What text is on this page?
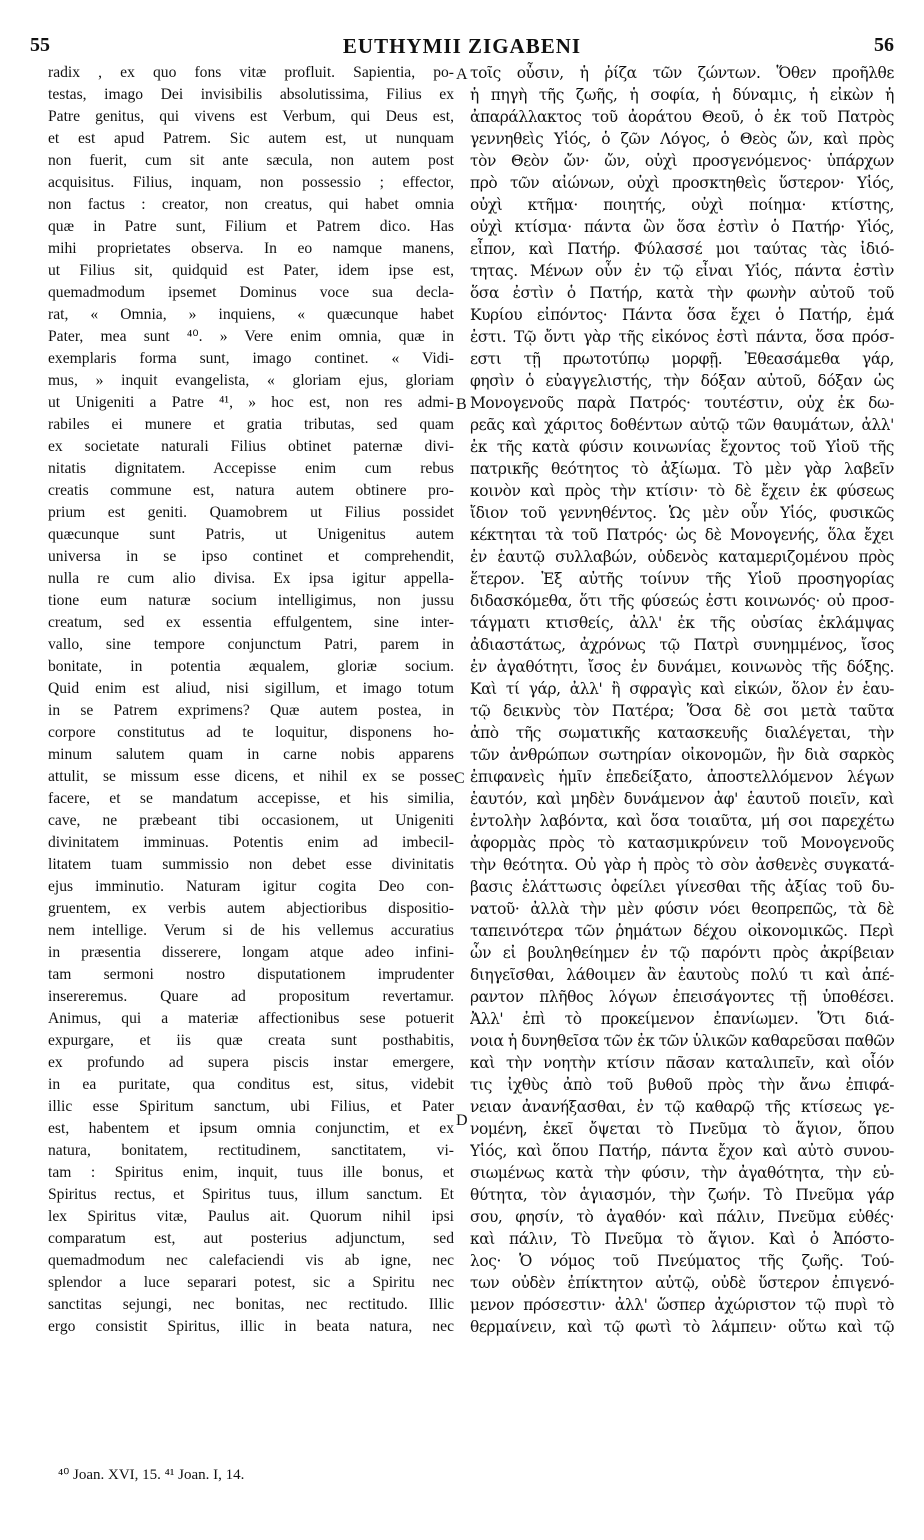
55	EUTHYMII ZIGABENI	56
radix , ex quo fons vitæ profluit. Sapientia, po-
testas, imago Dei invisibilis absolutissima, Filius ex
Patre genitus, qui vivens est Verbum, qui Deus est,
et est apud Patrem. Sic autem est, ut nunquam
non fuerit, cum sit ante sæcula, non autem post
acquisitus. Filius, inquam, non possessio ; effector,
non factus : creator, non creatus, qui habet omnia
quæ in Patre sunt, Filium et Patrem dico. Has
mihi proprietates observa. In eo namque manens,
ut Filius sit, quidquid est Pater, idem ipse est,
quemadmodum ipsemet Dominus voce sua decla-
rat, « Omnia, » inquiens, « quæcunque habet
Pater, mea sunt ⁴⁰. » Vere enim omnia, quæ in
exemplaris forma sunt, imago continet. « Vidi-
mus, » inquit evangelista, « gloriam ejus, gloriam
ut Unigeniti a Patre ⁴¹, » hoc est, non res admi-
rabiles ei munere et gratia tributas, sed quam
ex societate naturali Filius obtinet paternæ divi-
nitatis dignitatem. Accepisse enim cum rebus
creatis commune est, natura autem obtinere pro-
prium est geniti. Quamobrem ut Filius possidet
quæcunque sunt Patris, ut Unigenitus autem
universa in se ipso continet et comprehendit,
nulla re cum alio divisa. Ex ipsa igitur appella-
tione eum naturæ socium intelligimus, non jussu
creatum, sed ex essentia effulgentem, sine inter-
vallo, sine tempore conjunctum Patri, parem in
bonitate, in potentia æqualem, gloriæ socium.
Quid enim est aliud, nisi sigillum, et imago totum
in se Patrem exprimens? Quæ autem postea, in
corpore constitutus ad te loquitur, disponens ho-
minum salutem quam in carne nobis apparens
attulit, se missum esse dicens, et nihil ex se posse
facere, et se mandatum accepisse, et his similia,
cave, ne præbeant tibi occasionem, ut Unigeniti
divinitatem imminuas. Potentis enim ad imbecil-
litatem tuam summissio non debet esse divinitatis
ejus imminutio. Naturam igitur cogita Deo con-
gruentem, ex verbis autem abjectioribus dispositio-
nem intellige. Verum si de his vellemus accuratius
in præsentia disserere, longam atque adeo infini-
tam sermoni nostro disputationem imprudenter
insereremus. Quare ad propositum revertamur.
Animus, qui a materiæ affectionibus sese potuerit
expurgare, et iis quæ creata sunt posthabitis,
ex profundo ad supera piscis instar emergere,
in ea puritate, qua conditus est, situs, videbit
illic esse Spiritum sanctum, ubi Filius, et Pater
est, habentem et ipsum omnia conjunctim, et ex
natura, bonitatem, rectitudinem, sanctitatem, vi-
tam : Spiritus enim, inquit, tuus ille bonus, et
Spiritus rectus, et Spiritus tuus, illum sanctum. Et
lex Spiritus vitæ, Paulus ait. Quorum nihil ipsi
comparatum est, aut posterius adjunctum, sed
quemadmodum nec calefaciendi vis ab igne, nec
splendor a luce separari potest, sic a Spiritu nec
sanctitas sejungi, nec bonitas, nec rectitudo. Illic
ergo consistit Spiritus, illic in beata natura, nec
τοῖς οὖσιν, ἡ ῥίζα τῶν ζώντων. Ὅθεν προῆλθε
ἡ πηγὴ τῆς ζωῆς, ἡ σοφία, ἡ δύναμις, ἡ εἰκὼν ἡ
ἀπαράλλακτος τοῦ ἀοράτου Θεοῦ, ὁ ἐκ τοῦ Πατρὸς
γεννηθεὶς Υἱός, ὁ ζῶν Λόγος, ὁ Θεὸς ὤν, καὶ πρὸς
τὸν Θεὸν ὤν· ὤν, οὐχὶ προσγενόμενος· ὑπάρχων
πρὸ τῶν αἰώνων, οὐχὶ προσκτηθεὶς ὕστερον· Υἱός,
οὐχὶ κτῆμα· ποιητής, οὐχὶ ποίημα· κτίστης,
οὐχὶ κτίσμα· πάντα ὢν ὅσα ἐστὶν ὁ Πατήρ· Υἱός,
εἶπον, καὶ Πατήρ. Φύλασσέ μοι ταύτας τὰς ἰδιό-
τητας. Μένων οὖν ἐν τῷ εἶναι Υἱός, πάντα ἐστὶν
ὅσα ἐστὶν ὁ Πατήρ, κατὰ τὴν φωνὴν αὐτοῦ τοῦ
Κυρίου εἰπόντος· Πάντα ὅσα ἔχει ὁ Πατήρ, ἐμά
ἐστι. Τῷ ὄντι γὰρ τῆς εἰκόνος ἐστὶ πάντα, ὅσα πρόσ-
εστι τῇ πρωτοτύπῳ μορφῇ. Ἐθεασάμεθα γάρ,
φησὶν ὁ εὐαγγελιστής, τὴν δόξαν αὐτοῦ, δόξαν ὡς
Μονογενοῦς παρὰ Πατρός· τουτέστιν, οὐχ ἐκ δω-
ρεᾶς καὶ χάριτος δοθέντων αὐτῷ τῶν θαυμάτων, ἀλλ'
ἐκ τῆς κατὰ φύσιν κοινωνίας ἔχοντος τοῦ Υἱοῦ τῆς
πατρικῆς θεότητος τὸ ἀξίωμα. Τὸ μὲν γὰρ λαβεῖν
κοινὸν καὶ πρὸς τὴν κτίσιν· τὸ δὲ ἔχειν ἐκ φύσεως
ἴδιον τοῦ γεννηθέντος. Ὡς μὲν οὖν Υἱός, φυσικῶς
κέκτηται τὰ τοῦ Πατρός· ὡς δὲ Μονογενής, ὅλα ἔχει
ἐν ἑαυτῷ συλλαβών, οὐδενὸς καταμεριζομένου πρὸς
ἕτερον. Ἐξ αὐτῆς τοίνυν τῆς Υἱοῦ προσηγορίας
διδασκόμεθα, ὅτι τῆς φύσεώς ἐστι κοινωνός· οὐ προσ-
τάγματι κτισθείς, ἀλλ' ἐκ τῆς οὐσίας ἐκλάμψας
ἀδιαστάτως, ἀχρόνως τῷ Πατρὶ συνημμένος, ἴσος
ἐν ἀγαθότητι, ἴσος ἐν δυνάμει, κοινωνὸς τῆς δόξης.
Καὶ τί γάρ, ἀλλ' ἢ σφραγὶς καὶ εἰκών, ὅλον ἐν ἑαυ-
τῷ δεικνὺς τὸν Πατέρα; Ὅσα δὲ σοι μετὰ ταῦτα
ἀπὸ τῆς σωματικῆς κατασκευῆς διαλέγεται, τὴν
τῶν ἀνθρώπων σωτηρίαν οἰκονομῶν, ἣν διὰ σαρκὸς
ἐπιφανεὶς ἡμῖν ἐπεδείξατο, ἀποστελλόμενον λέγων
ἑαυτόν, καὶ μηδὲν δυνάμενον ἀφ' ἑαυτοῦ ποιεῖν, καὶ
ἐντολὴν λαβόντα, καὶ ὅσα τοιαῦτα, μή σοι παρεχέτω
ἀφορμὰς πρὸς τὸ κατασμικρύνειν τοῦ Μονογενοῦς
τὴν θεότητα. Οὐ γὰρ ἡ πρὸς τὸ σὸν ἀσθενὲς συγκατά-
βασις ἐλάττωσις ὀφείλει γίνεσθαι τῆς ἀξίας τοῦ δυ-
νατοῦ· ἀλλὰ τὴν μὲν φύσιν νόει θεοπρεπῶς, τὰ δὲ
ταπεινότερα τῶν ῥημάτων δέχου οἰκονομικῶς. Περὶ
ὧν εἰ βουληθείημεν ἐν τῷ παρόντι πρὸς ἀκρίβειαν
διηγεῖσθαι, λάθοιμεν ἂν ἑαυτοὺς πολύ τι καὶ ἀπέ-
ραντον πλῆθος λόγων ἐπεισάγοντες τῇ ὑποθέσει.
Ἀλλ' ἐπὶ τὸ προκείμενον ἐπανίωμεν. Ὅτι διά-
νοια ἡ δυνηθεῖσα τῶν ἐκ τῶν ὑλικῶν καθαρεῦσαι παθῶν
καὶ τὴν νοητὴν κτίσιν πᾶσαν καταλιπεῖν, καὶ οἷόν
τις ἰχθὺς ἀπὸ τοῦ βυθοῦ πρὸς τὴν ἄνω ἐπιφά-
νειαν ἀνανήξασθαι, ἐν τῷ καθαρῷ τῆς κτίσεως γε-
νομένη, ἐκεῖ ὄψεται τὸ Πνεῦμα τὸ ἅγιον, ὅπου
Υἱός, καὶ ὅπου Πατήρ, πάντα ἔχον καὶ αὐτὸ συνου-
σιωμένως κατὰ τὴν φύσιν, τὴν ἀγαθότητα, τὴν εὐ-
θύτητα, τὸν ἁγιασμόν, τὴν ζωήν. Τὸ Πνεῦμα γάρ
σου, φησίν, τὸ ἀγαθόν· καὶ πάλιν, Πνεῦμα εὐθές·
καὶ πάλιν, Τὸ Πνεῦμα τὸ ἅγιον. Καὶ ὁ Ἀπόστο-
λος· Ὁ νόμος τοῦ Πνεύματος τῆς ζωῆς. Τού-
των οὐδὲν ἐπίκτητον αὐτῷ, οὐδὲ ὕστερον ἐπιγενό-
μενον πρόσεστιν· ἀλλ' ὥσπερ ἀχώριστον τῷ πυρὶ τὸ
θερμαίνειν, καὶ τῷ φωτὶ τὸ λάμπειν· οὕτω καὶ τῷ
A
B
C
D
⁴⁰ Joan. XVI, 15. ⁴¹ Joan. I, 14.
